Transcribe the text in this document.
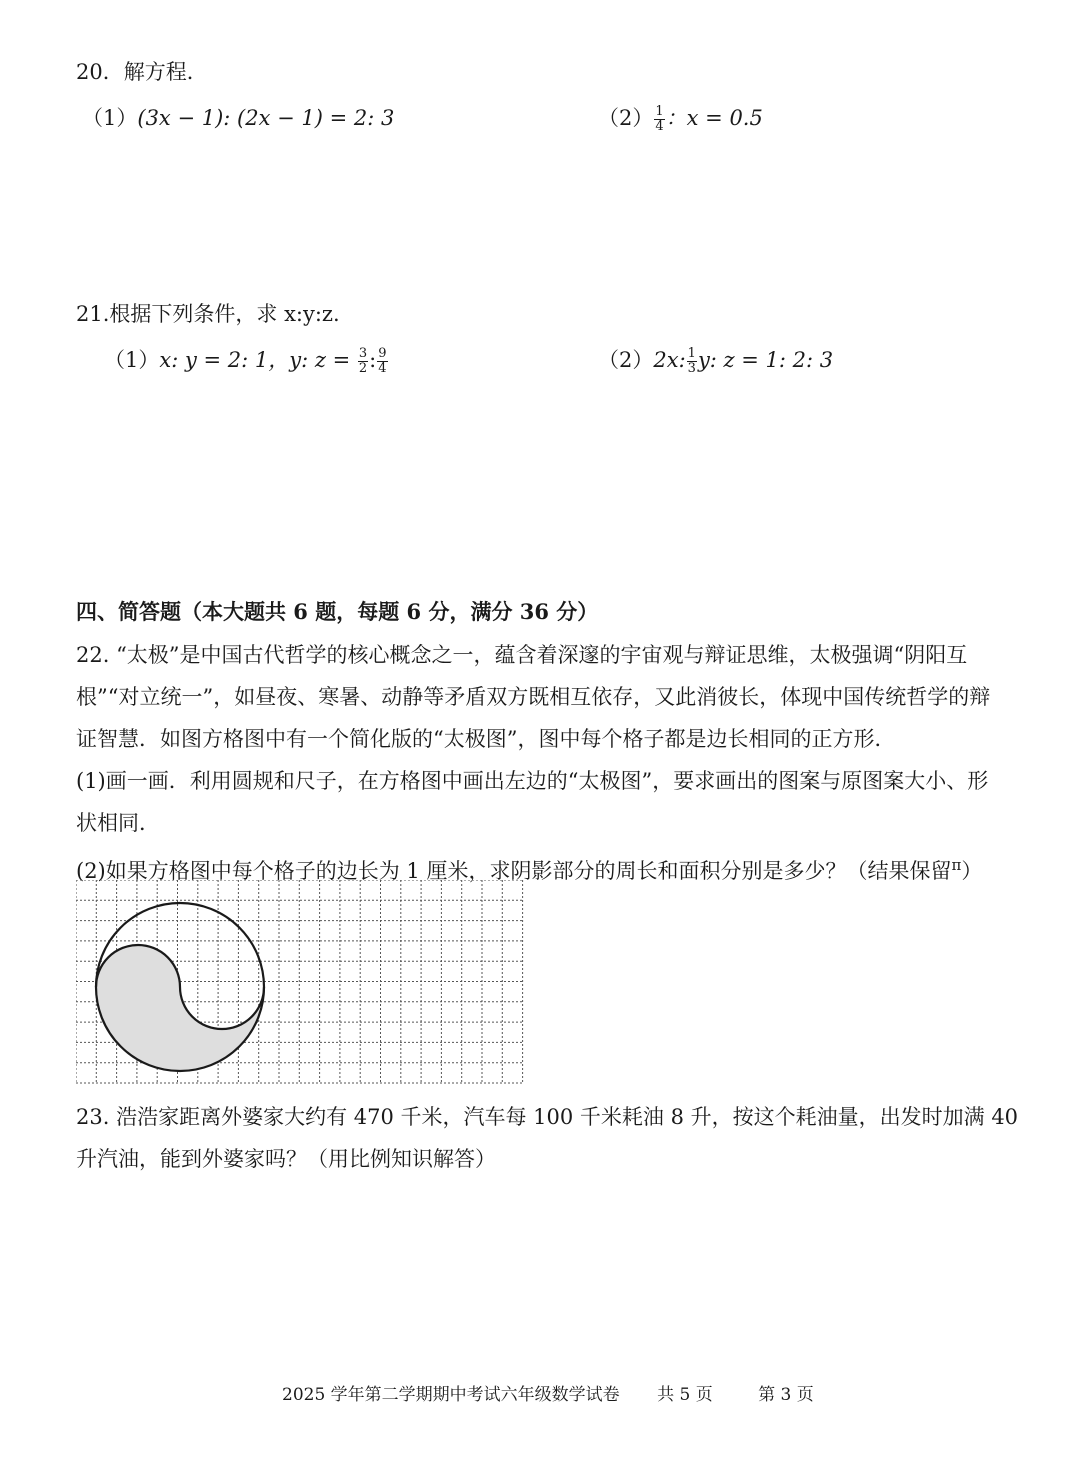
20．解方程．
（1）(3x − 1): (2x − 1) = 2: 3	$(2) \frac{1}{4}$ ：x = 0.5
21.根据下列条件，求 x:y:z.
（1）x: y = 2: 1，y: $z = \frac{3}{2}$ : $\frac{9}{4}$	（2）2x: $\frac{1}{3} y$: z = 1: 2: 3
四、简答题（本大题共 6 题，每题 6 分，满分 36 分）
22. “太极”是中国古代哲学的核心概念之一，蕴含着深邃的宇宙观与辩证思维，太极强调“阴阳互
根”“对立统一”，如昼夜、寒暑、动静等矛盾双方既相互依存，又此消彼长，体现中国传统哲学的辩
证智慧．如图方格图中有一个简化版的“太极图”，图中每个格子都是边长相同的正方形．
(1)画一画．利用圆规和尺子，在方格图中画出左边的“太极图”，要求画出的图案与原图案大小、形
状相同．
(2)如果方格图中每个格子的边长为 1 厘米，求阴影部分的周长和面积分别是多少？（结果保留$^\pi$）
23. 浩浩家距离外婆家大约有 470 千米，汽车每 100 千米耗油 8 升，按这个耗油量，出发时加满 40
升汽油，能到外婆家吗？（用比例知识解答）
2025 学年第二学期期中考试六年级数学试卷 共 5 页	第 3 页
